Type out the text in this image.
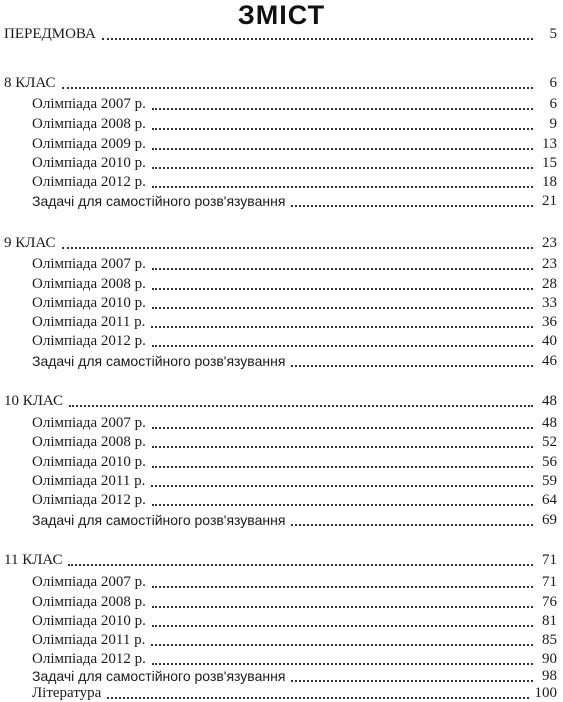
ЗМІСТ
ПЕРЕДМОВА	5
8 КЛАС	6
Олімпіада 2007 р.	6
Олімпіада 2008 р.	9
Олімпіада 2009 р.	13
Олімпіада 2010 р.	15
Олімпіада 2012 р.	18
Задачі для самостійного розв'язування	21
9 КЛАС	23
Олімпіада 2007 р.	23
Олімпіада 2008 р.	28
Олімпіада 2010 р.	33
Олімпіада 2011 р.	36
Олімпіада 2012 р.	40
Задачі для самостійного розв'язування	46
10 КЛАС	48
Олімпіада 2007 р.	48
Олімпіада 2008 р.	52
Олімпіада 2010 р.	56
Олімпіада 2011 р.	59
Олімпіада 2012 р.	64
Задачі для самостійного розв'язування	69
11 КЛАС	71
Олімпіада 2007 р.	71
Олімпіада 2008 р.	76
Олімпіада 2010 р.	81
Олімпіада 2011 р.	85
Олімпіада 2012 р.	90
Задачі для самостійного розв'язування	98
Література	100
